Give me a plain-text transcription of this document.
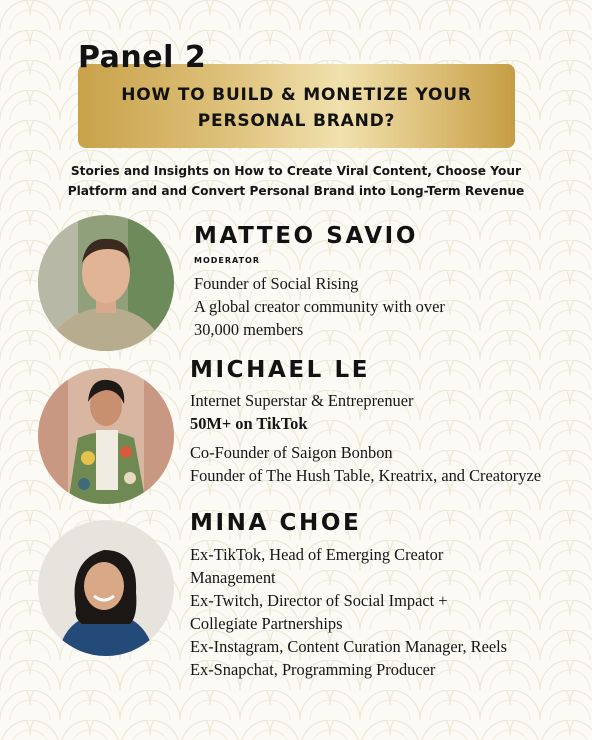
Panel 2
HOW TO BUILD & MONETIZE YOUR
PERSONAL BRAND?
Stories and Insights on How to Create Viral Content, Choose Your
Platform and and Convert Personal Brand into Long-Term Revenue
MATTEO SAVIO
MODERATOR
Founder of Social Rising
A global creator community with over
30,000 members
MICHAEL LE
Internet Superstar & Entreprenuer
50M+ on TikTok
Co-Founder of Saigon Bonbon
Founder of The Hush Table, Kreatrix, and Creatoryze
MINA CHOE
Ex-TikTok, Head of Emerging Creator
Management
Ex-Twitch, Director of Social Impact +
Collegiate Partnerships
Ex-Instagram, Content Curation Manager, Reels
Ex-Snapchat, Programming Producer
